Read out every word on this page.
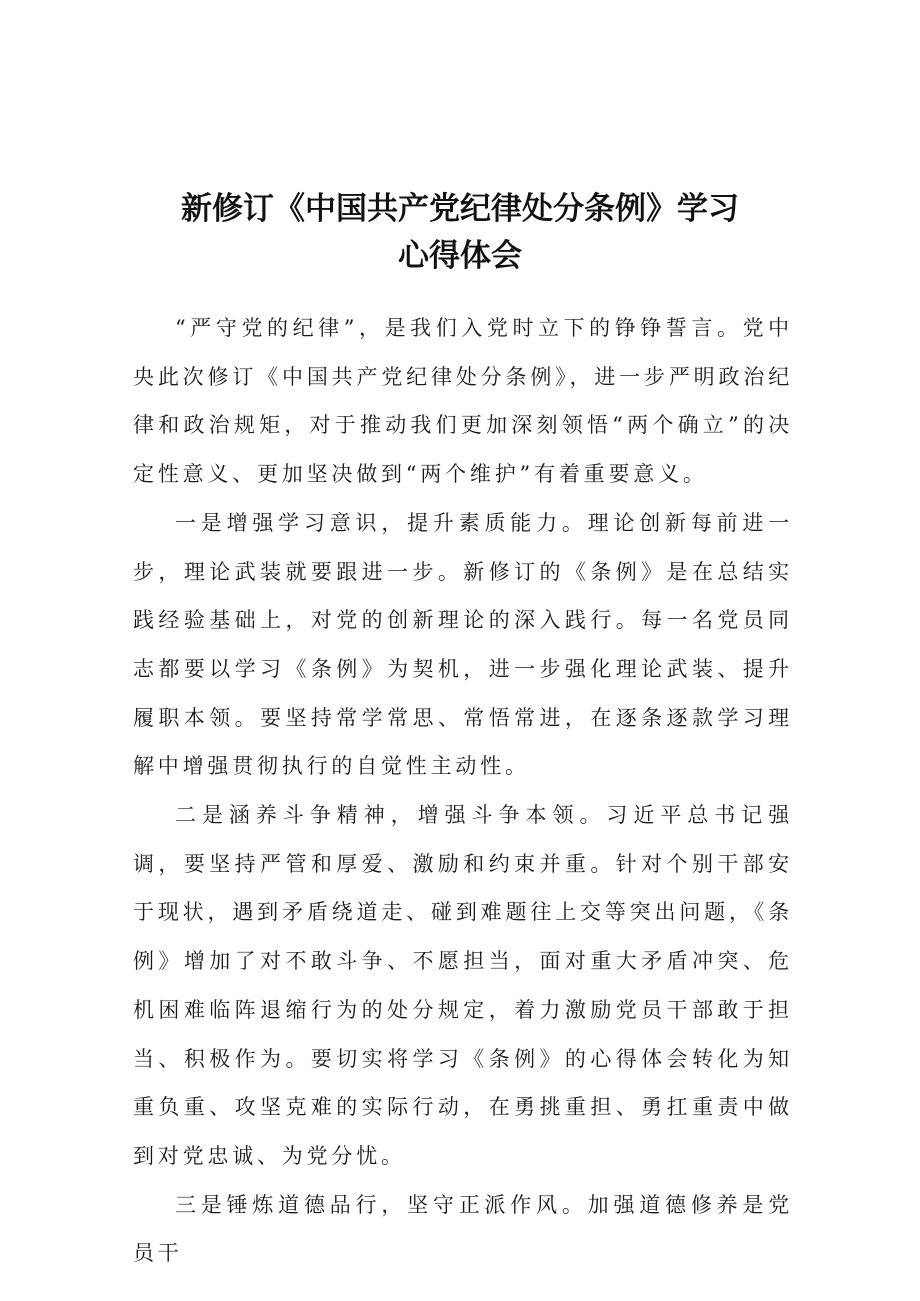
新修订《中国共产党纪律处分条例》学习
心得体会

“严守党的纪律”，是我们入党时立下的铮铮誓言。党中央此次修订《中国共产党纪律处分条例》，进一步严明政治纪律和政治规矩，对于推动我们更加深刻领悟“两个确立”的决定性意义、更加坚决做到“两个维护”有着重要意义。

一是增强学习意识，提升素质能力。理论创新每前进一步，理论武装就要跟进一步。新修订的《条例》是在总结实践经验基础上，对党的创新理论的深入践行。每一名党员同志都要以学习《条例》为契机，进一步强化理论武装、提升履职本领。要坚持常学常思、常悟常进，在逐条逐款学习理解中增强贯彻执行的自觉性主动性。

二是涵养斗争精神，增强斗争本领。习近平总书记强调，要坚持严管和厚爱、激励和约束并重。针对个别干部安于现状，遇到矛盾绕道走、碰到难题往上交等突出问题，《条例》增加了对不敢斗争、不愿担当，面对重大矛盾冲突、危机困难临阵退缩行为的处分规定，着力激励党员干部敢于担当、积极作为。要切实将学习《条例》的心得体会转化为知重负重、攻坚克难的实际行动，在勇挑重担、勇扛重责中做到对党忠诚、为党分忧。

三是锤炼道德品行，坚守正派作风。加强道德修养是党员干
